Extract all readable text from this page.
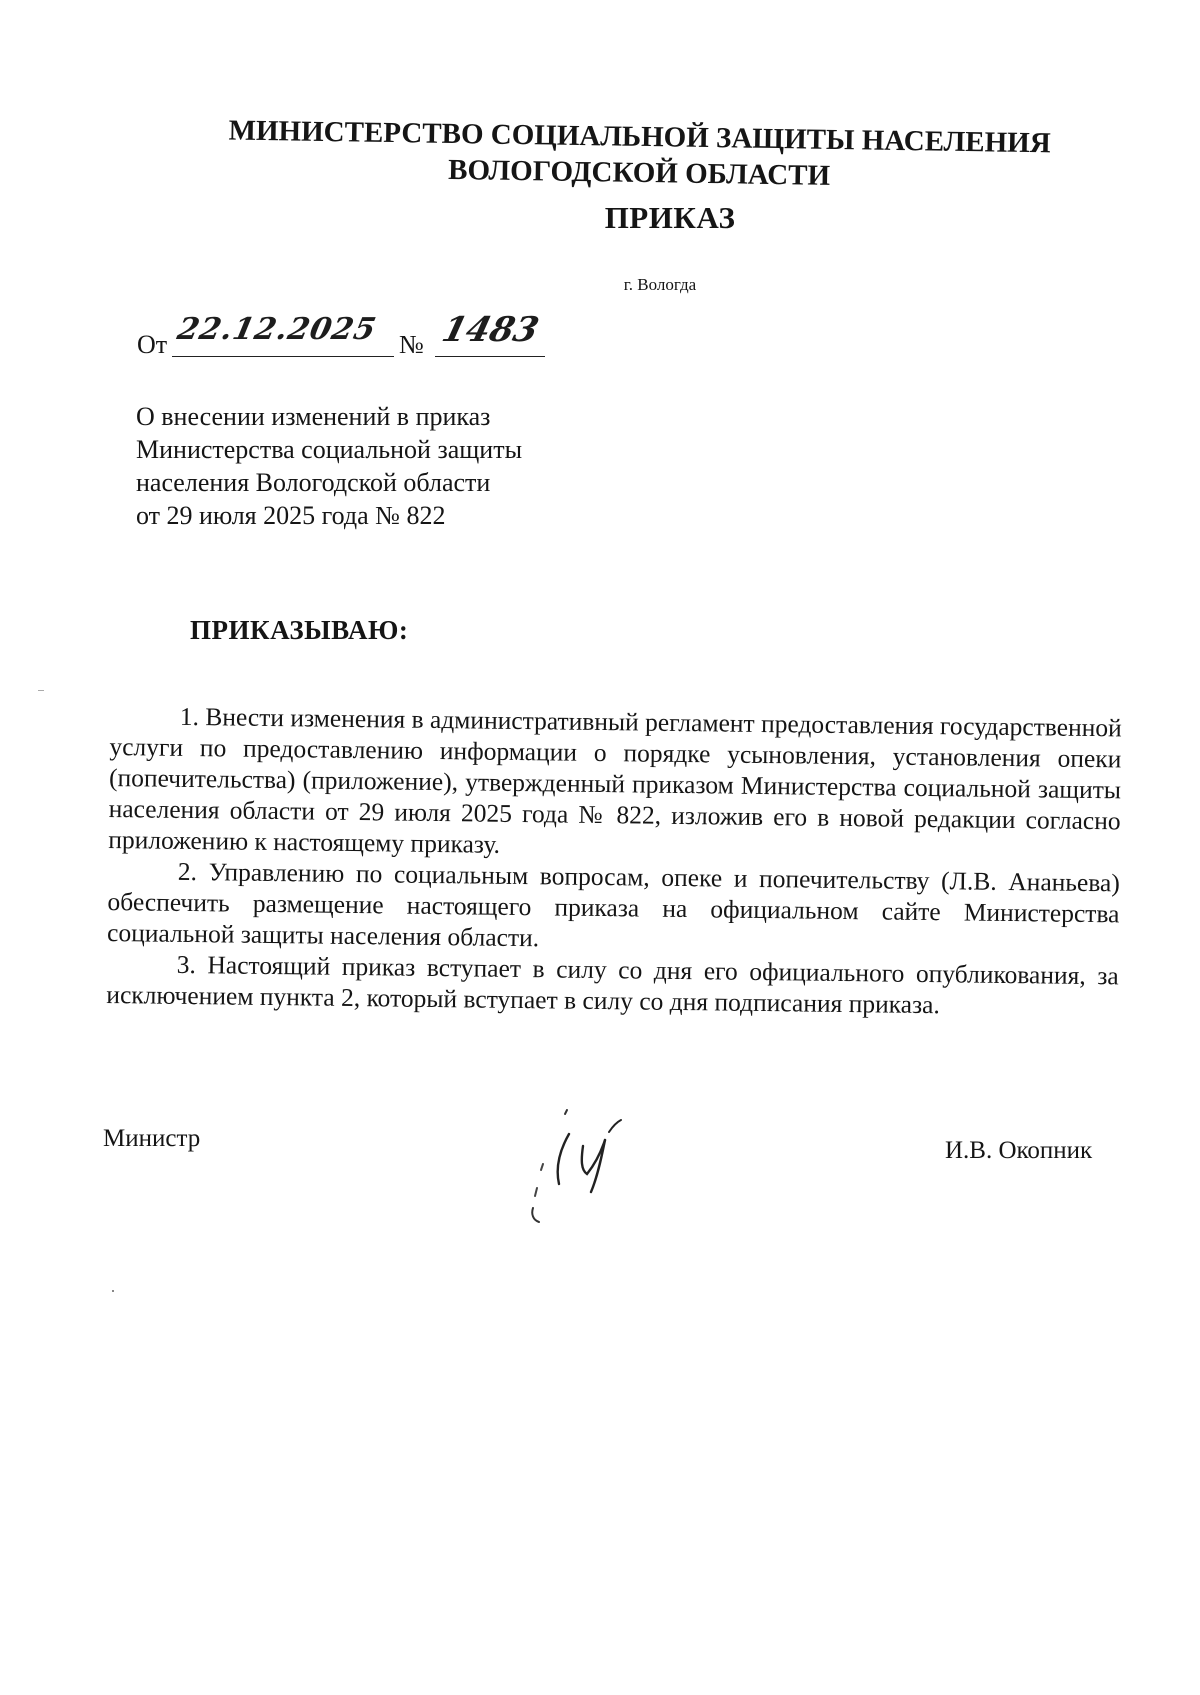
МИНИСТЕРСТВО СОЦИАЛЬНОЙ ЗАЩИТЫ НАСЕЛЕНИЯ
ВОЛОГОДСКОЙ ОБЛАСТИ
ПРИКАЗ
г. Вологда
От 22.12.2025 № 1483
О внесении изменений в приказ
Министерства социальной защиты
населения Вологодской области
от 29 июля 2025 года № 822
ПРИКАЗЫВАЮ:

1. Внести изменения в административный регламент предоставления государственной услуги по предоставлению информации о порядке усыновления, установления опеки (попечительства) (приложение), утвержденный приказом Министерства социальной защиты населения области от 29 июля 2025 года № 822, изложив его в новой редакции согласно приложению к настоящему приказу.

2. Управлению по социальным вопросам, опеке и попечительству (Л.В. Ананьева) обеспечить размещение настоящего приказа на официальном сайте Министерства социальной защиты населения области.

3. Настоящий приказ вступает в силу со дня его официального опубликования, за исключением пункта 2, который вступает в силу со дня подписания приказа.

Министр	И.В. Окопник
